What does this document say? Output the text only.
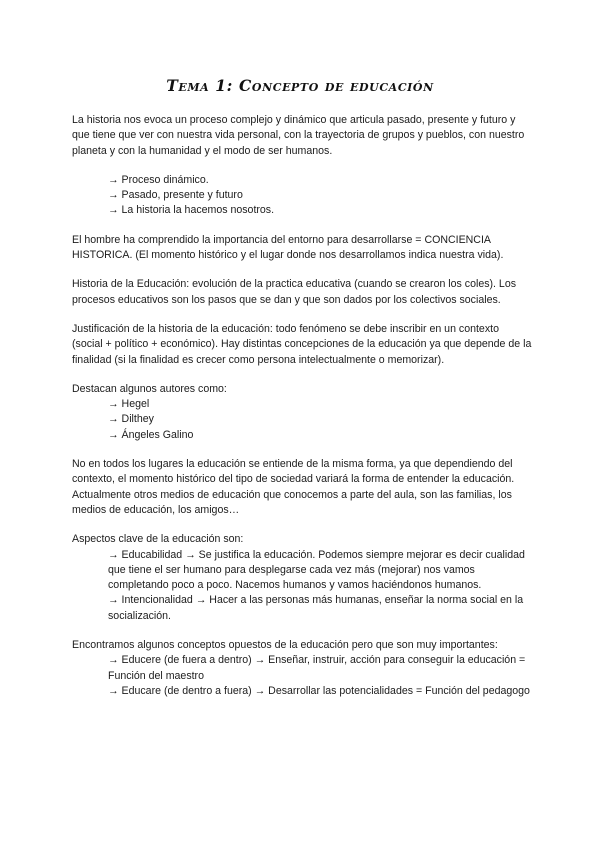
Tema 1: Concepto de educación

La historia nos evoca un proceso complejo y dinámico que articula pasado, presente y futuro y que tiene que ver con nuestra vida personal, con la trayectoria de grupos y pueblos, con nuestro planeta y con la humanidad y el modo de ser humanos.

→ Proceso dinámico.
→ Pasado, presente y futuro
→ La historia la hacemos nosotros.

El hombre ha comprendido la importancia del entorno para desarrollarse = CONCIENCIA HISTORICA. (El momento histórico y el lugar donde nos desarrollamos indica nuestra vida).

Historia de la Educación: evolución de la practica educativa (cuando se crearon los coles). Los procesos educativos son los pasos que se dan y que son dados por los colectivos sociales.

Justificación de la historia de la educación: todo fenómeno se debe inscribir en un contexto (social + político + económico). Hay distintas concepciones de la educación ya que depende de la finalidad (si la finalidad es crecer como persona intelectualmente o memorizar).

Destacan algunos autores como:

→ Hegel
→ Dilthey
→ Ángeles Galino

No en todos los lugares la educación se entiende de la misma forma, ya que dependiendo del contexto, el momento histórico del tipo de sociedad variará la forma de entender la educación.

Actualmente otros medios de educación que conocemos a parte del aula, son las familias, los medios de educación, los amigos…

Aspectos clave de la educación son:

→ Educabilidad → Se justifica la educación. Podemos siempre mejorar es decir cualidad que tiene el ser humano para desplegarse cada vez más (mejorar) nos vamos completando poco a poco. Nacemos humanos y vamos haciéndonos humanos.

→ Intencionalidad → Hacer a las personas más humanas, enseñar la norma social en la socialización.

Encontramos algunos conceptos opuestos de la educación pero que son muy importantes:

→ Educere (de fuera a dentro) → Enseñar, instruir, acción para conseguir la educación = Función del maestro

→ Educare (de dentro a fuera) → Desarrollar las potencialidades = Función del pedagogo
